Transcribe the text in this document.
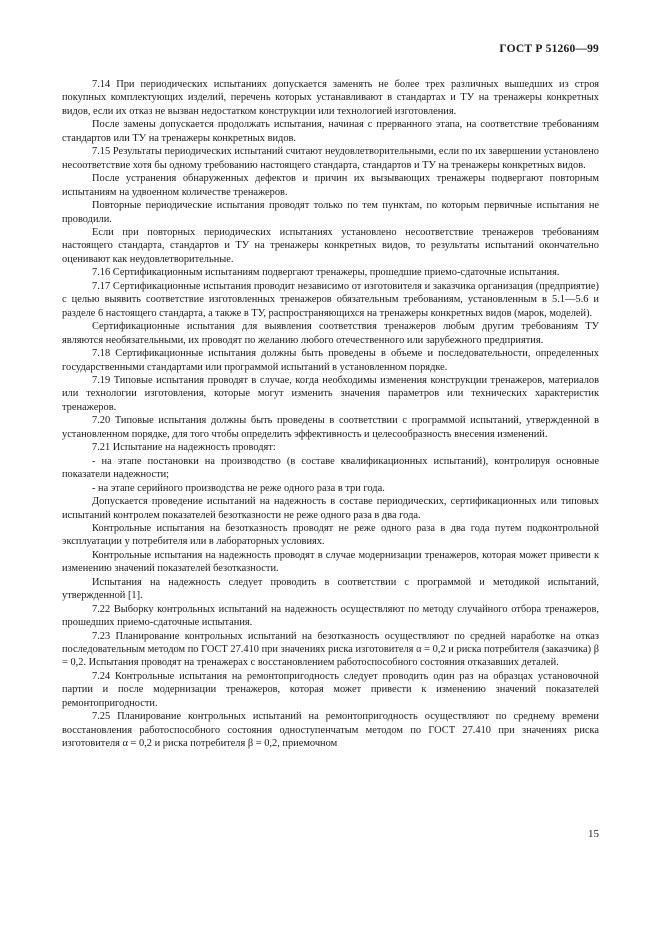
ГОСТ Р 51260—99

7.14 При периодических испытаниях допускается заменять не более трех различных вышедших из строя покупных комплектующих изделий, перечень которых устанавливают в стандартах и ТУ на тренажеры конкретных видов, если их отказ не вызван недостатком конструкции или технологией изготовления.

После замены допускается продолжать испытания, начиная с прерванного этапа, на соответствие требованиям стандартов или ТУ на тренажеры конкретных видов.

7.15 Результаты периодических испытаний считают неудовлетворительными, если по их завершении установлено несоответствие хотя бы одному требованию настоящего стандарта, стандартов и ТУ на тренажеры конкретных видов.

После устранения обнаруженных дефектов и причин их вызывающих тренажеры подвергают повторным испытаниям на удвоенном количестве тренажеров.

Повторные периодические испытания проводят только по тем пунктам, по которым первичные испытания не проводили.

Если при повторных периодических испытаниях установлено несоответствие тренажеров требованиям настоящего стандарта, стандартов и ТУ на тренажеры конкретных видов, то результаты испытаний окончательно оценивают как неудовлетворительные.

7.16 Сертификационным испытаниям подвергают тренажеры, прошедшие приемо-сдаточные испытания.

7.17 Сертификационные испытания проводит независимо от изготовителя и заказчика организация (предприятие) с целью выявить соответствие изготовленных тренажеров обязательным требованиям, установленным в 5.1—5.6 и разделе 6 настоящего стандарта, а также в ТУ, распространяющихся на тренажеры конкретных видов (марок, моделей).

Сертификационные испытания для выявления соответствия тренажеров любым другим требованиям ТУ являются необязательными, их проводят по желанию любого отечественного или зарубежного предприятия.

7.18 Сертификационные испытания должны быть проведены в объеме и последовательности, определенных государственными стандартами или программой испытаний в установленном порядке.

7.19 Типовые испытания проводят в случае, когда необходимы изменения конструкции тренажеров, материалов или технологии изготовления, которые могут изменить значения параметров или технических характеристик тренажеров.

7.20 Типовые испытания должны быть проведены в соответствии с программой испытаний, утвержденной в установленном порядке, для того чтобы определить эффективность и целесообразность внесения изменений.

7.21 Испытание на надежность проводят:

- на этапе постановки на производство (в составе квалификационных испытаний), контролируя основные показатели надежности;

- на этапе серийного производства не реже одного раза в три года.

Допускается проведение испытаний на надежность в составе периодических, сертификационных или типовых испытаний контролем показателей безотказности не реже одного раза в два года.

Контрольные испытания на безотказность проводят не реже одного раза в два года путем подконтрольной эксплуатации у потребителя или в лабораторных условиях.

Контрольные испытания на надежность проводят в случае модернизации тренажеров, которая может привести к изменению значений показателей безотказности.

Испытания на надежность следует проводить в соответствии с программой и методикой испытаний, утвержденной [1].

7.22 Выборку контрольных испытаний на надежность осуществляют по методу случайного отбора тренажеров, прошедших приемо-сдаточные испытания.

7.23 Планирование контрольных испытаний на безотказность осуществляют по средней наработке на отказ последовательным методом по ГОСТ 27.410 при значениях риска изготовителя α = 0,2 и риска потребителя (заказчика) β = 0,2. Испытания проводят на тренажерах с восстановлением работоспособного состояния отказавших деталей.

7.24 Контрольные испытания на ремонтопригодность следует проводить один раз на образцах установочной партии и после модернизации тренажеров, которая может привести к изменению значений показателей ремонтопригодности.

7.25 Планирование контрольных испытаний на ремонтопригодность осуществляют по среднему времени восстановления работоспособного состояния одноступенчатым методом по ГОСТ 27.410 при значениях риска изготовителя α = 0,2 и риска потребителя β = 0,2, приемочном

15
